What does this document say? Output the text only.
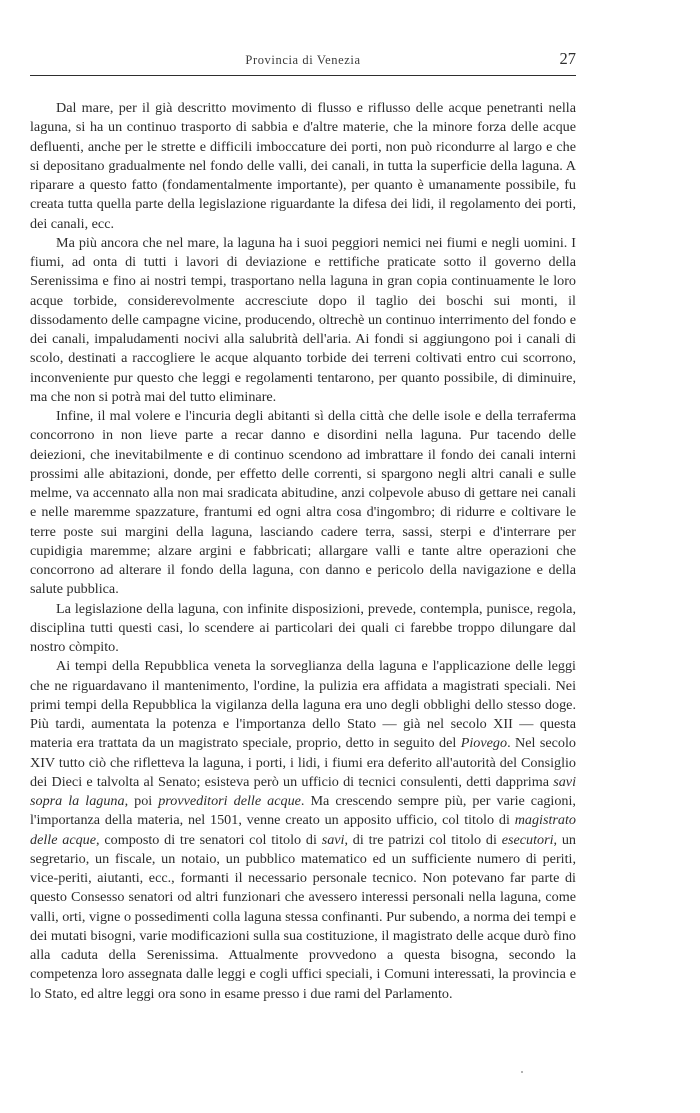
Provincia di Venezia	27

Dal mare, per il già descritto movimento di flusso e riflusso delle acque penetranti nella laguna, si ha un continuo trasporto di sabbia e d'altre materie, che la minore forza delle acque defluenti, anche per le strette e difficili imboccature dei porti, non può ricondurre al largo e che si depositano gradualmente nel fondo delle valli, dei canali, in tutta la superficie della laguna. A riparare a questo fatto (fondamentalmente importante), per quanto è umanamente possibile, fu creata tutta quella parte della legislazione riguardante la difesa dei lidi, il regolamento dei porti, dei canali, ecc.

Ma più ancora che nel mare, la laguna ha i suoi peggiori nemici nei fiumi e negli uomini. I fiumi, ad onta di tutti i lavori di deviazione e rettifiche praticate sotto il governo della Serenissima e fino ai nostri tempi, trasportano nella laguna in gran copia continuamente le loro acque torbide, considerevolmente accresciute dopo il taglio dei boschi sui monti, il dissodamento delle campagne vicine, producendo, oltrechè un continuo interrimento del fondo e dei canali, impaludamenti nocivi alla salubrità dell'aria. Ai fondi si aggiungono poi i canali di scolo, destinati a raccogliere le acque alquanto torbide dei terreni coltivati entro cui scorrono, inconveniente pur questo che leggi e regolamenti tentarono, per quanto possibile, di diminuire, ma che non si potrà mai del tutto eliminare.

Infine, il mal volere e l'incuria degli abitanti sì della città che delle isole e della terraferma concorrono in non lieve parte a recar danno e disordini nella laguna. Pur tacendo delle deiezioni, che inevitabilmente e di continuo scendono ad imbrattare il fondo dei canali interni prossimi alle abitazioni, donde, per effetto delle correnti, si spargono negli altri canali e sulle melme, va accennato alla non mai sradicata abitudine, anzi colpevole abuso di gettare nei canali e nelle maremme spazzature, frantumi ed ogni altra cosa d'ingombro; di ridurre e coltivare le terre poste sui margini della laguna, lasciando cadere terra, sassi, sterpi e d'interrare per cupidigia maremme; alzare argini e fabbricati; allargare valli e tante altre operazioni che concorrono ad alterare il fondo della laguna, con danno e pericolo della navigazione e della salute pubblica.

La legislazione della laguna, con infinite disposizioni, prevede, contempla, punisce, regola, disciplina tutti questi casi, lo scendere ai particolari dei quali ci farebbe troppo dilungare dal nostro còmpito.

Ai tempi della Repubblica veneta la sorveglianza della laguna e l'applicazione delle leggi che ne riguardavano il mantenimento, l'ordine, la pulizia era affidata a magistrati speciali. Nei primi tempi della Repubblica la vigilanza della laguna era uno degli obblighi dello stesso doge. Più tardi, aumentata la potenza e l'importanza dello Stato — già nel secolo XII — questa materia era trattata da un magistrato speciale, proprio, detto in seguito del Piovego. Nel secolo XIV tutto ciò che rifletteva la laguna, i porti, i lidi, i fiumi era deferito all'autorità del Consiglio dei Dieci e talvolta al Senato; esisteva però un ufficio di tecnici consulenti, detti dapprima savi sopra la laguna, poi provveditori delle acque. Ma crescendo sempre più, per varie cagioni, l'importanza della materia, nel 1501, venne creato un apposito ufficio, col titolo di magistrato delle acque, composto di tre senatori col titolo di savi, di tre patrizi col titolo di esecutori, un segretario, un fiscale, un notaio, un pubblico matematico ed un sufficiente numero di periti, vice-periti, aiutanti, ecc., formanti il necessario personale tecnico. Non potevano far parte di questo Consesso senatori od altri funzionari che avessero interessi personali nella laguna, come valli, orti, vigne o possedimenti colla laguna stessa confinanti. Pur subendo, a norma dei tempi e dei mutati bisogni, varie modificazioni sulla sua costituzione, il magistrato delle acque durò fino alla caduta della Serenissima. Attualmente provvedono a questa bisogna, secondo la competenza loro assegnata dalle leggi e cogli uffici speciali, i Comuni interessati, la provincia e lo Stato, ed altre leggi ora sono in esame presso i due rami del Parlamento.
